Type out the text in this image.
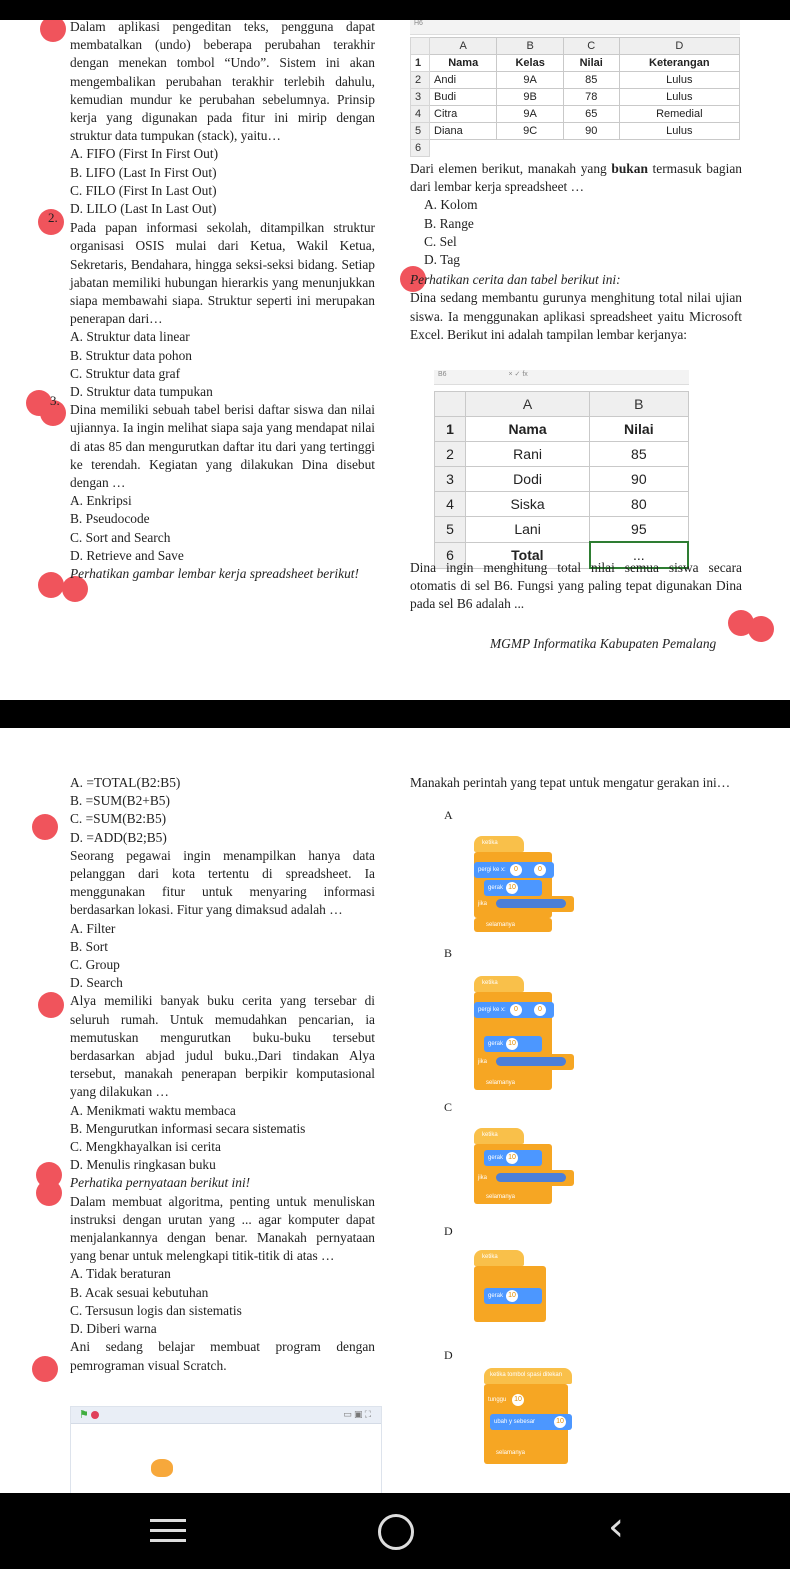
Dalam aplikasi pengeditan teks, pengguna dapat membatalkan (undo) beberapa perubahan terakhir dengan menekan tombol “Undo”. Sistem ini akan mengembalikan perubahan terakhir terlebih dahulu, kemudian mundur ke perubahan sebelumnya. Prinsip kerja yang digunakan pada fitur ini mirip dengan struktur data tumpukan (stack), yaitu…

A. FIFO (First In First Out)
B. LIFO (Last In First Out)
C. FILO (First In Last Out)
D. LILO (Last In Last Out)

Pada papan informasi sekolah, ditampilkan struktur organisasi OSIS mulai dari Ketua, Wakil Ketua, Sekretaris, Bendahara, hingga seksi-seksi bidang. Setiap jabatan memiliki hubungan hierarkis yang menunjukkan siapa membawahi siapa. Struktur seperti ini merupakan penerapan dari…

A. Struktur data linear
B. Struktur data pohon
C. Struktur data graf
D. Struktur data tumpukan

Dina memiliki sebuah tabel berisi daftar siswa dan nilai ujiannya. Ia ingin melihat siapa saja yang mendapat nilai di atas 85 dan mengurutkan daftar itu dari yang tertinggi ke terendah. Kegiatan yang dilakukan Dina disebut dengan …

A. Enkripsi
B. Pseudocode
C. Sort and Search
D. Retrieve and Save

Perhatikan gambar lembar kerja spreadsheet berikut!

2.
3.
H6
	A	B	C	D
1	Nama	Kelas	Nilai	Keterangan
2	Andi	9A	85	Lulus
3	Budi	9B	78	Lulus
4	Citra	9A	65	Remedial
5	Diana	9C	90	Lulus
6				

Dari elemen berikut, manakah yang bukan termasuk bagian dari lembar kerja spreadsheet …

A. Kolom
B. Range
C. Sel
D. Tag

Perhatikan cerita dan tabel berikut ini:

Dina sedang membantu gurunya menghitung total nilai ujian siswa. Ia menggunakan aplikasi spreadsheet yaitu Microsoft Excel. Berikut ini adalah tampilan lembar kerjanya:

B6	× ✓ fx
	A	B
1	Nama	Nilai
2	Rani	85
3	Dodi	90
4	Siska	80
5	Lani	95
6	Total	...

Dina ingin menghitung total nilai semua siswa secara otomatis di sel B6. Fungsi yang paling tepat digunakan Dina pada sel B6 adalah ...

MGMP Informatika Kabupaten Pemalang
A. =TOTAL(B2:B5)
B. =SUM(B2+B5)
C. =SUM(B2:B5)
D. =ADD(B2;B5)

Seorang pegawai ingin menampilkan hanya data pelanggan dari kota tertentu di spreadsheet. Ia menggunakan fitur untuk menyaring informasi berdasarkan lokasi. Fitur yang dimaksud adalah …

A. Filter
B. Sort
C. Group
D. Search

Alya memiliki banyak buku cerita yang tersebar di seluruh rumah. Untuk memudahkan pencarian, ia memutuskan mengurutkan buku-buku tersebut berdasarkan abjad judul buku.,Dari tindakan Alya tersebut, manakah penerapan berpikir komputasional yang dilakukan …

A. Menikmati waktu membaca
B. Mengurutkan informasi secara sistematis
C. Mengkhayalkan isi cerita
D. Menulis ringkasan buku

Perhatika pernyataan berikut ini!

Dalam membuat algoritma, penting untuk menuliskan instruksi dengan urutan yang ... agar komputer dapat menjalankannya dengan benar. Manakah pernyataan yang benar untuk melengkapi titik-titik di atas …

A. Tidak beraturan
B. Acak sesuai kebutuhan
C. Tersusun logis dan sistematis
D. Diberi warna

Ani sedang belajar membuat program dengan pemrograman visual Scratch.

⚑	▭ ▣ ⛶

Manakah perintah yang tepat untuk mengatur gerakan ini…

A
B
C
D
D
ketika
pergi ke x:	0	0
gerak 10
jika
selamanya
ketika
pergi ke x:	0	0
gerak 10
jika
selamanya
ketika
gerak 10
jika
selamanya
ketika
gerak 10
ketika tombol spasi ditekan
tunggu 10
ubah y sebesar	10
selamanya
‹
